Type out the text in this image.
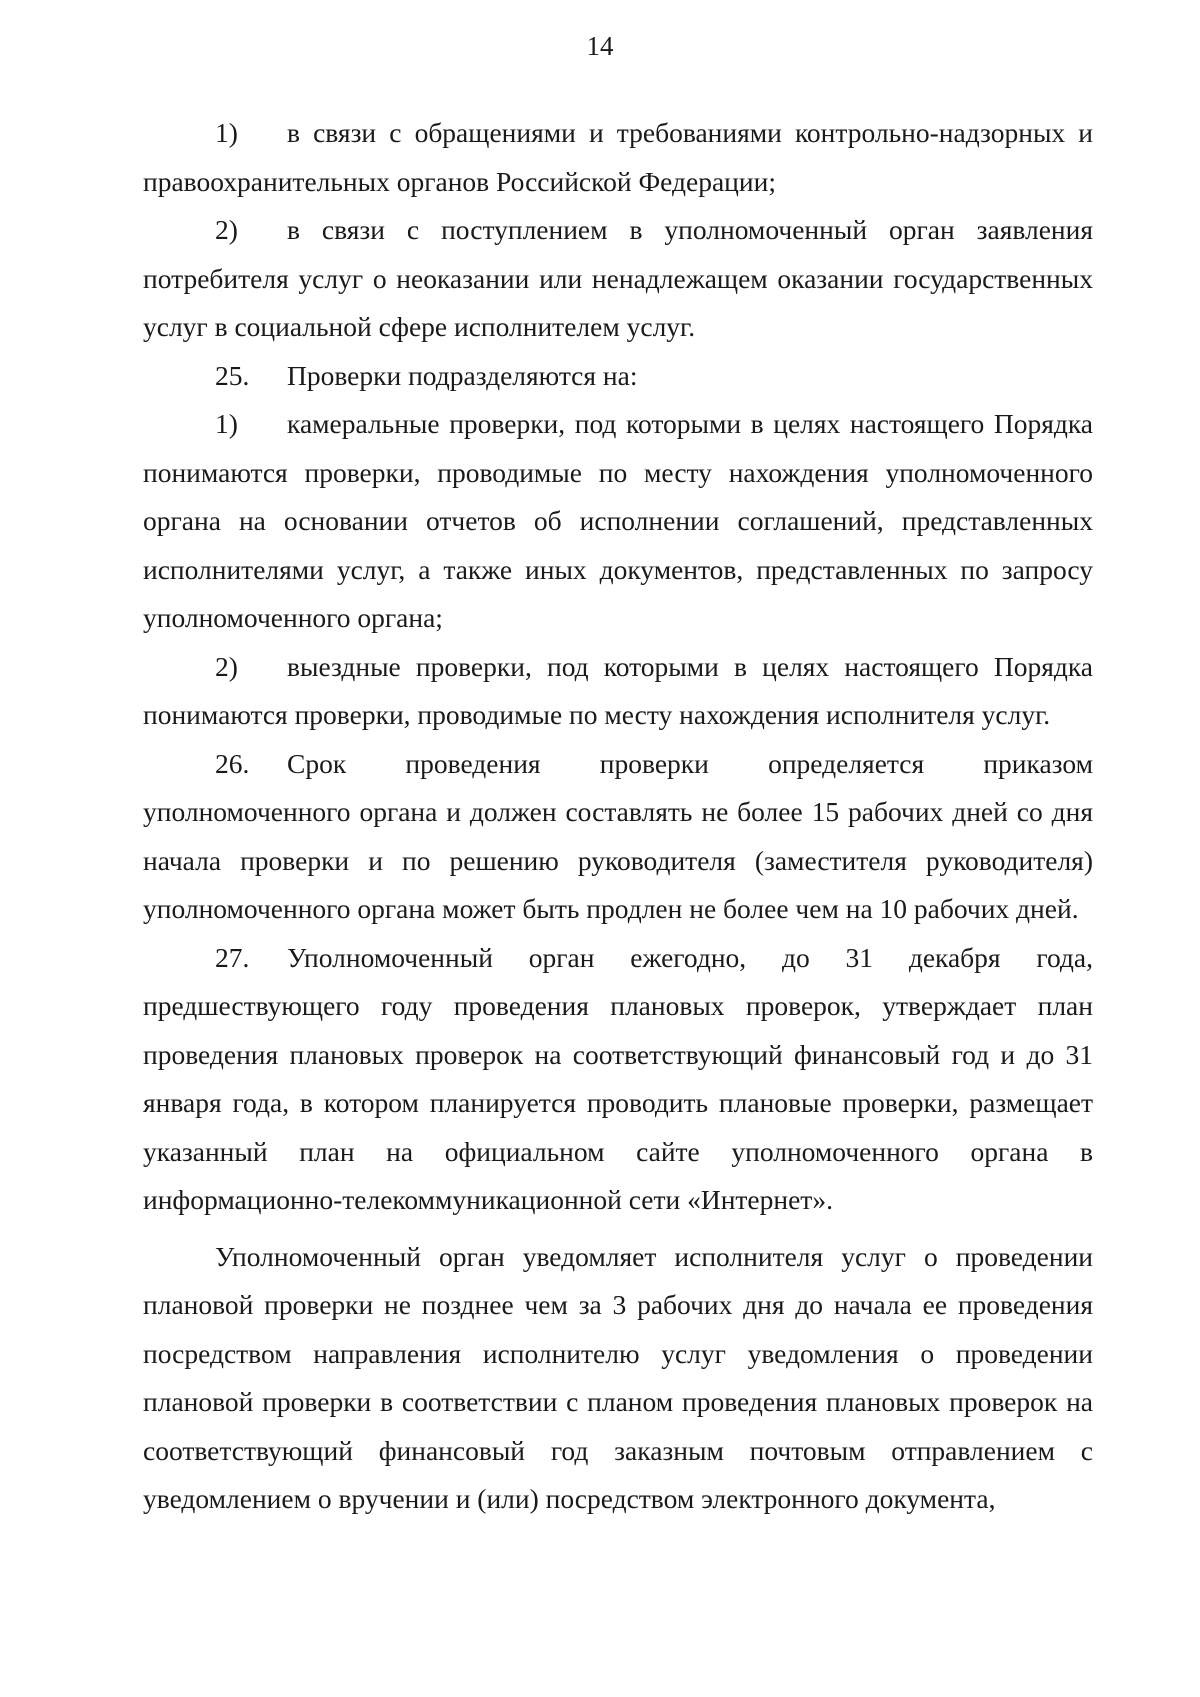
14

1) в связи с обращениями и требованиями контрольно-надзорных и правоохранительных органов Российской Федерации;

2) в связи с поступлением в уполномоченный орган заявления потребителя услуг о неоказании или ненадлежащем оказании государственных услуг в социальной сфере исполнителем услуг.

25. Проверки подразделяются на:

1) камеральные проверки, под которыми в целях настоящего Порядка понимаются проверки, проводимые по месту нахождения уполномоченного органа на основании отчетов об исполнении соглашений, представленных исполнителями услуг, а также иных документов, представленных по запросу уполномоченного органа;

2) выездные проверки, под которыми в целях настоящего Порядка понимаются проверки, проводимые по месту нахождения исполнителя услуг.

26. Срок проведения проверки определяется приказом уполномоченного органа и должен составлять не более 15 рабочих дней со дня начала проверки и по решению руководителя (заместителя руководителя) уполномоченного органа может быть продлен не более чем на 10 рабочих дней.

27. Уполномоченный орган ежегодно, до 31 декабря года, предшествующего году проведения плановых проверок, утверждает план проведения плановых проверок на соответствующий финансовый год и до 31 января года, в котором планируется проводить плановые проверки, размещает указанный план на официальном сайте уполномоченного органа в информационно-телекоммуникационной сети «Интернет».

Уполномоченный орган уведомляет исполнителя услуг о проведении плановой проверки не позднее чем за 3 рабочих дня до начала ее проведения посредством направления исполнителю услуг уведомления о проведении плановой проверки в соответствии с планом проведения плановых проверок на соответствующий финансовый год заказным почтовым отправлением с уведомлением о вручении и (или) посредством электронного документа,
